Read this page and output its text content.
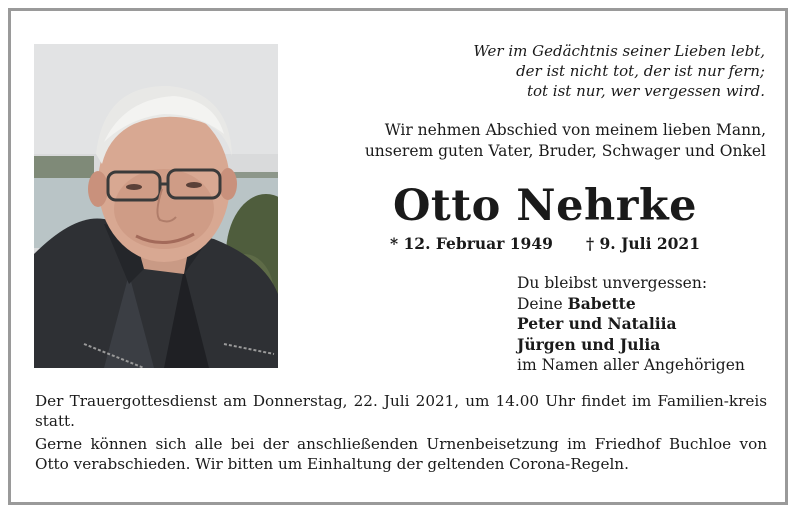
Wer im Gedächtnis seiner Lieben lebt,
der ist nicht tot, der ist nur fern;
tot ist nur, wer vergessen wird.
Wir nehmen Abschied von meinem lieben Mann,
unserem guten Vater, Bruder, Schwager und Onkel
Otto Nehrke
* 12. Februar 1949 † 9. Juli 2021
Du bleibst unvergessen:
Deine Babette
Peter und Nataliia
Jürgen und Julia
im Namen aller Angehörigen

Der Trauergottesdienst am Donnerstag, 22. Juli 2021, um 14.00 Uhr findet im Familien-kreis statt.

Gerne können sich alle bei der anschließenden Urnenbeisetzung im Friedhof Buchloe von Otto verabschieden. Wir bitten um Einhaltung der geltenden Corona-Regeln.
